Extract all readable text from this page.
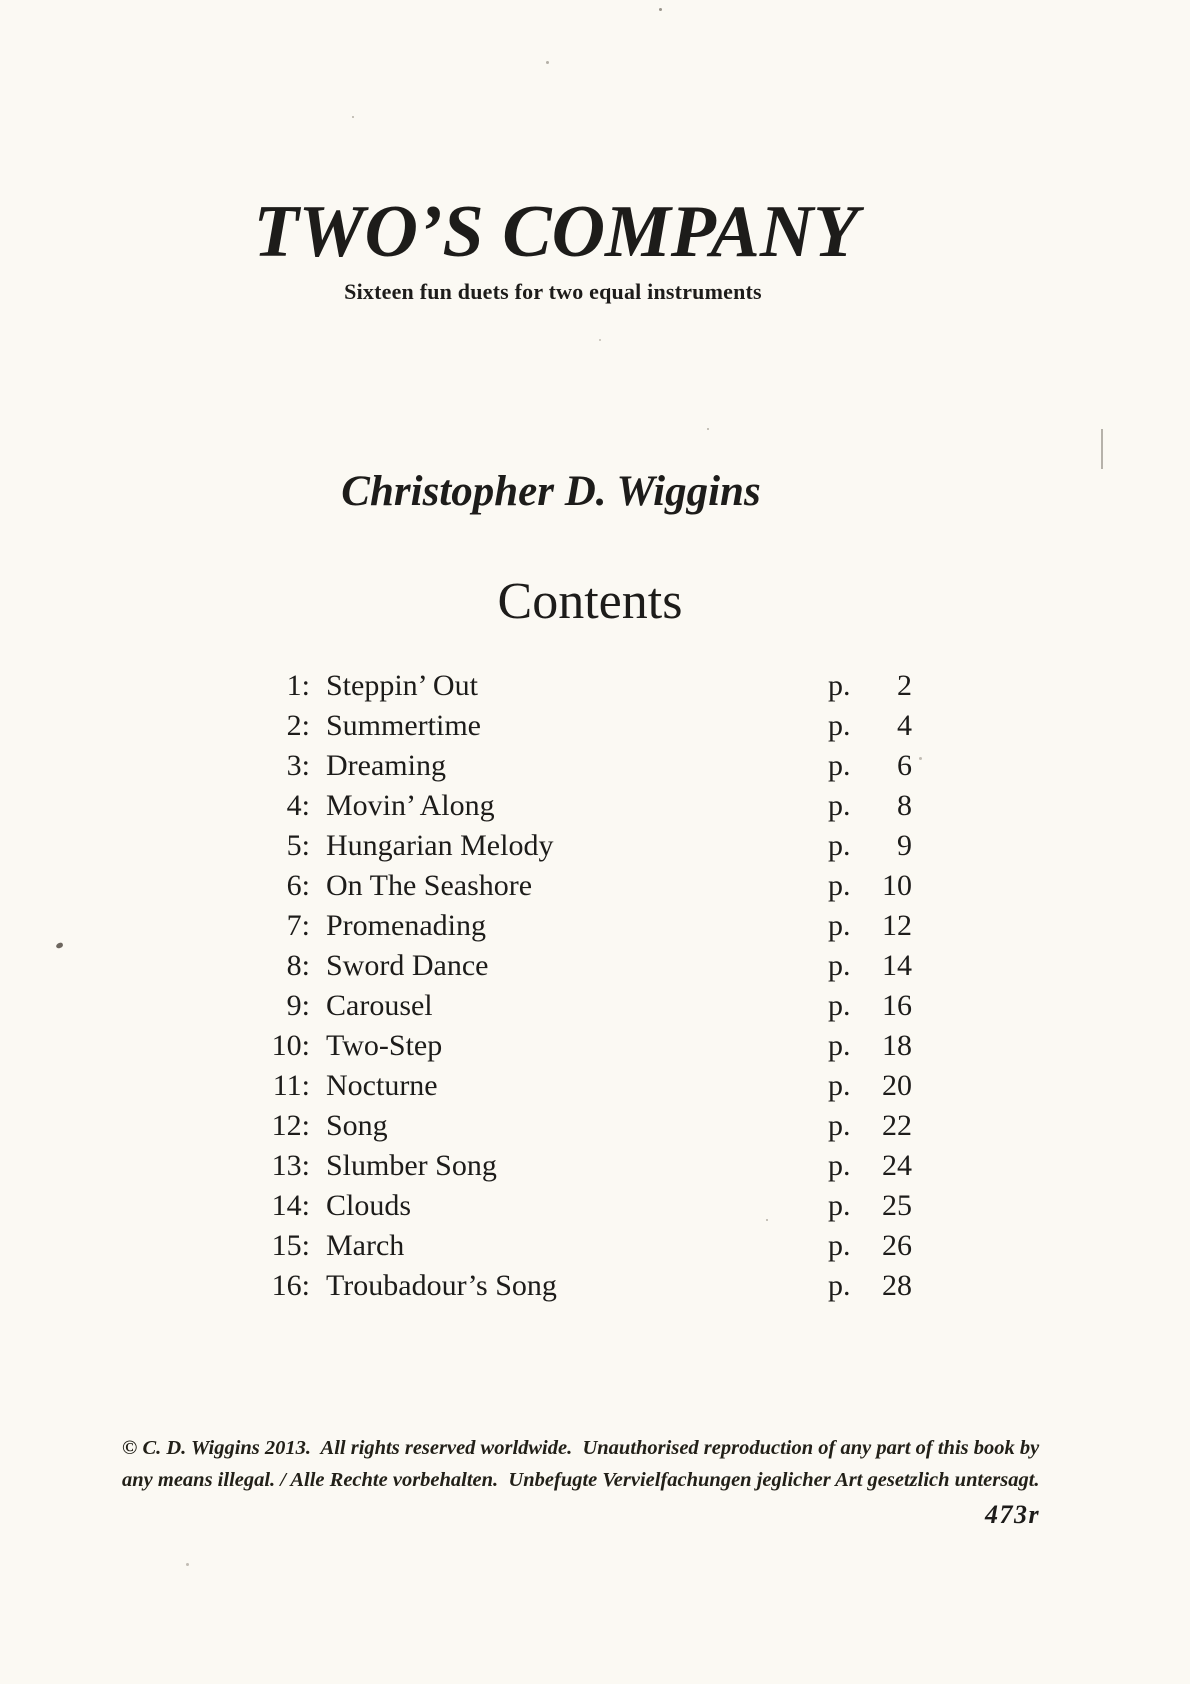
TWO’S COMPANY

Sixteen fun duets for two equal instruments

Christopher D. Wiggins

Contents
1: Steppin’ Out	p. 2
2: Summertime	p. 4
3: Dreaming	p. 6
4: Movin’ Along	p. 8
5: Hungarian Melody	p. 9
6: On The Seashore	p. 10
7: Promenading	p. 12
8: Sword Dance	p. 14
9: Carousel	p. 16
10: Two-Step	p. 18
11: Nocturne	p. 20
12: Song	p. 22
13: Slumber Song	p. 24
14: Clouds	p. 25
15: March	p. 26
16: Troubadour’s Song	p. 28

© C. D. Wiggins 2013.  All rights reserved worldwide.  Unauthorised reproduction of any part of this book by

any means illegal. / Alle Rechte vorbehalten.  Unbefugte Vervielfachungen jeglicher Art gesetzlich untersagt.

473r
